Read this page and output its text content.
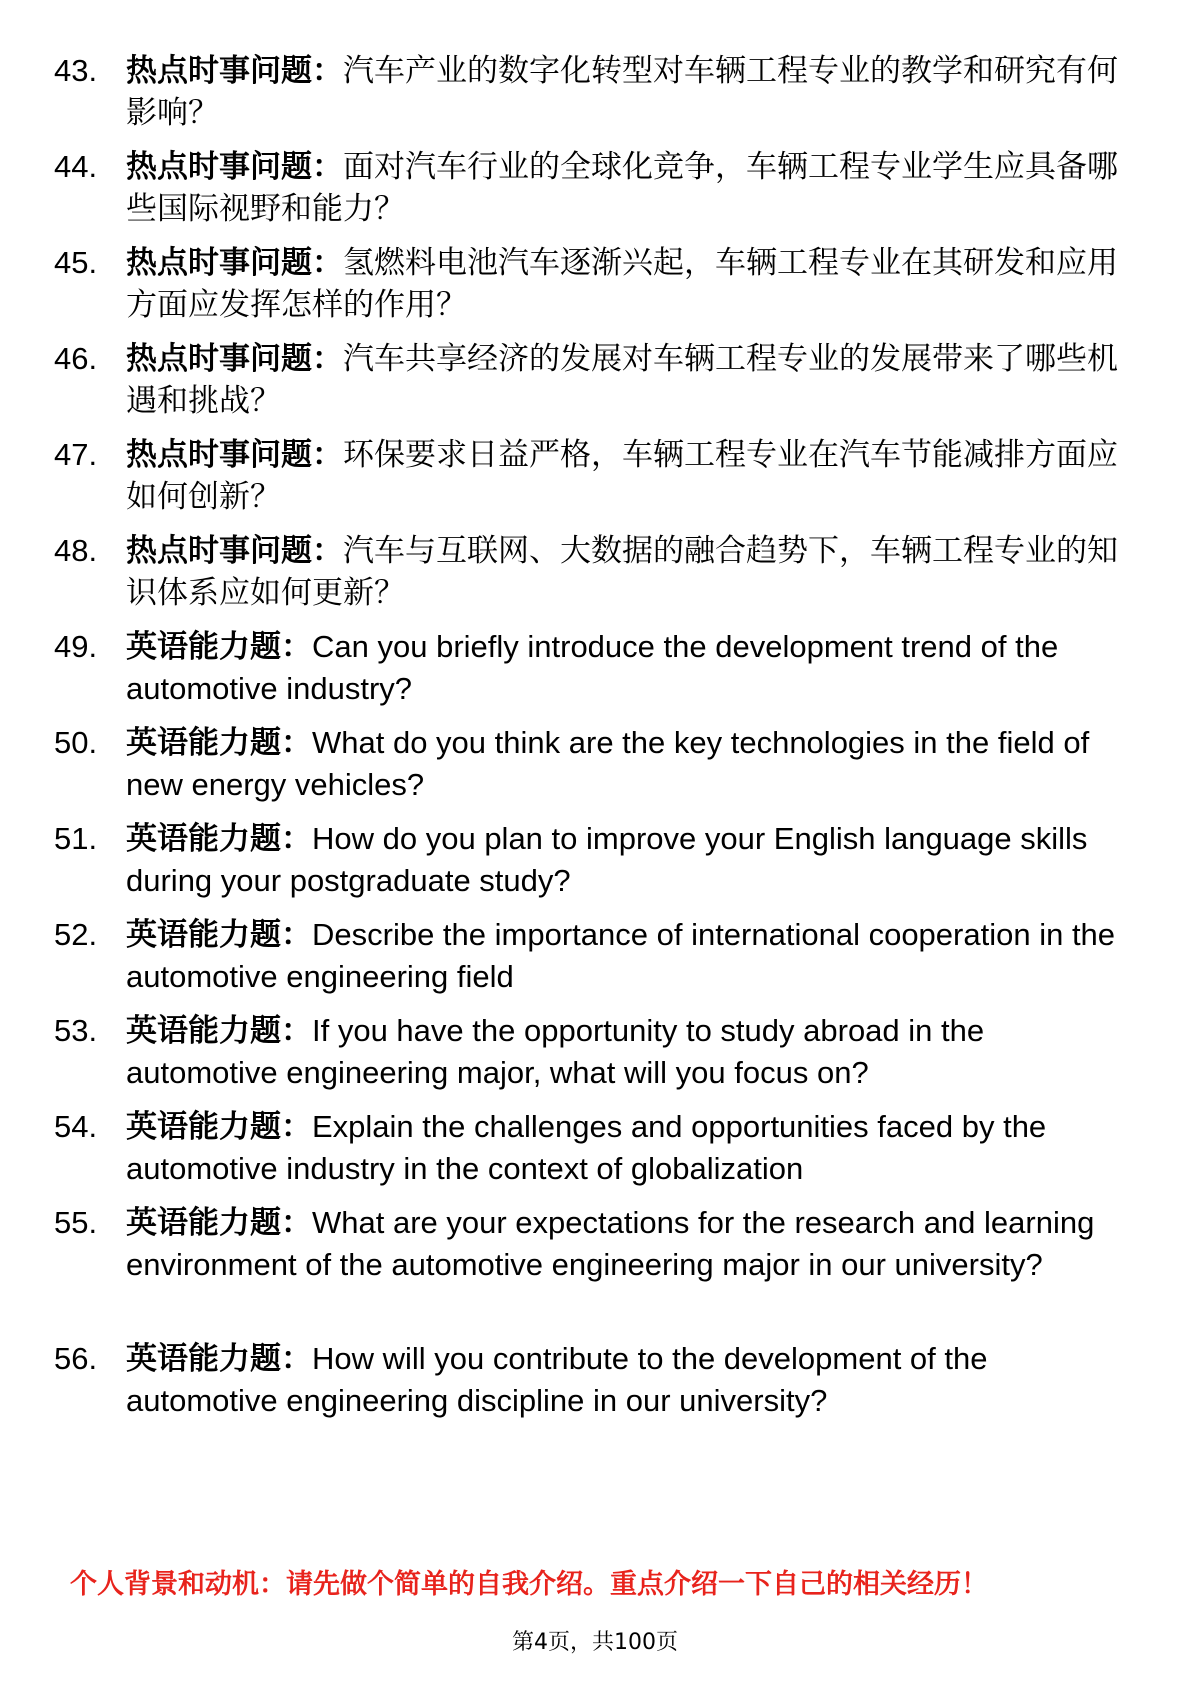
43. 热点时事问题：汽车产业的数字化转型对车辆工程专业的教学和研究有何影响？
44. 热点时事问题：面对汽车行业的全球化竞争，车辆工程专业学生应具备哪些国际视野和能力？
45. 热点时事问题：氢燃料电池汽车逐渐兴起，车辆工程专业在其研发和应用方面应发挥怎样的作用？
46. 热点时事问题：汽车共享经济的发展对车辆工程专业的发展带来了哪些机遇和挑战？
47. 热点时事问题：环保要求日益严格，车辆工程专业在汽车节能减排方面应如何创新？
48. 热点时事问题：汽车与互联网、大数据的融合趋势下，车辆工程专业的知识体系应如何更新？
49. 英语能力题：Can you briefly introduce the development trend of the automotive industry?
50. 英语能力题：What do you think are the key technologies in the field of new energy vehicles?
51. 英语能力题：How do you plan to improve your English language skills during your postgraduate study?
52. 英语能力题：Describe the importance of international cooperation in the automotive engineering field
53. 英语能力题：If you have the opportunity to study abroad in the automotive engineering major, what will you focus on?
54. 英语能力题：Explain the challenges and opportunities faced by the automotive industry in the context of globalization
55. 英语能力题：What are your expectations for the research and learning environment of the automotive engineering major in our university?
56. 英语能力题：How will you contribute to the development of the automotive engineering discipline in our university?
个人背景和动机：请先做个简单的自我介绍。重点介绍一下自己的相关经历！
第4页，共100页
